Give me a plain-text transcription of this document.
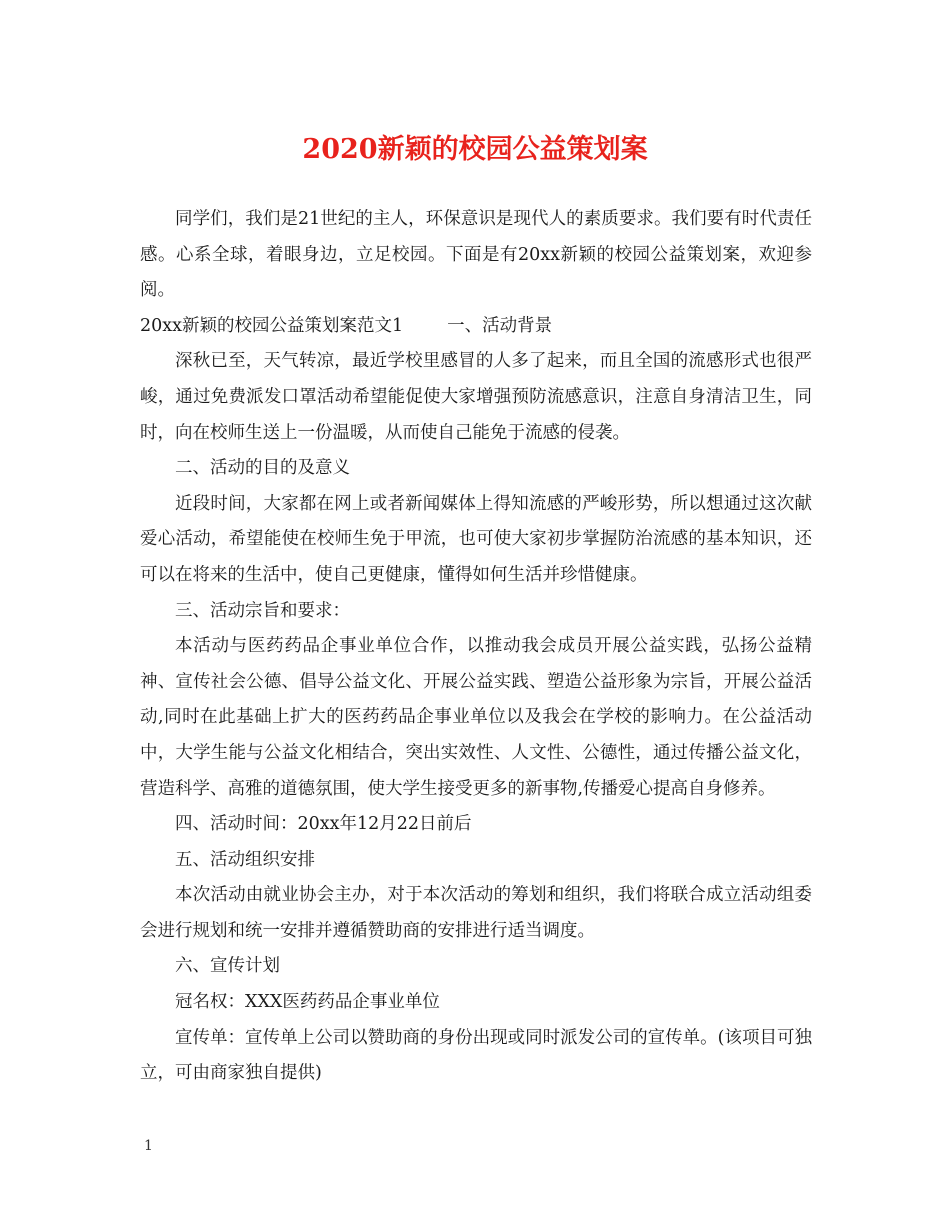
2020新颖的校园公益策划案

同学们，我们是21世纪的主人，环保意识是现代人的素质要求。我们要有时代责任感。心系全球，着眼身边，立足校园。下面是有20xx新颖的校园公益策划案，欢迎参阅。

20xx新颖的校园公益策划案范文1	一、活动背景

深秋已至，天气转凉，最近学校里感冒的人多了起来，而且全国的流感形式也很严峻，通过免费派发口罩活动希望能促使大家增强预防流感意识，注意自身清洁卫生，同时，向在校师生送上一份温暖，从而使自己能免于流感的侵袭。

二、活动的目的及意义

近段时间，大家都在网上或者新闻媒体上得知流感的严峻形势，所以想通过这次献爱心活动，希望能使在校师生免于甲流，也可使大家初步掌握防治流感的基本知识，还可以在将来的生活中，使自己更健康，懂得如何生活并珍惜健康。

三、活动宗旨和要求：

本活动与医药药品企事业单位合作，以推动我会成员开展公益实践，弘扬公益精神、宣传社会公德、倡导公益文化、开展公益实践、塑造公益形象为宗旨，开展公益活动,同时在此基础上扩大的医药药品企事业单位以及我会在学校的影响力。在公益活动中，大学生能与公益文化相结合，突出实效性、人文性、公德性，通过传播公益文化，营造科学、高雅的道德氛围，使大学生接受更多的新事物,传播爱心提高自身修养。

四、活动时间：20xx年12月22日前后

五、活动组织安排

本次活动由就业协会主办，对于本次活动的筹划和组织，我们将联合成立活动组委会进行规划和统一安排并遵循赞助商的安排进行适当调度。

六、宣传计划

冠名权：XXX医药药品企事业单位

宣传单：宣传单上公司以赞助商的身份出现或同时派发公司的宣传单。(该项目可独立，可由商家独自提供)

1
